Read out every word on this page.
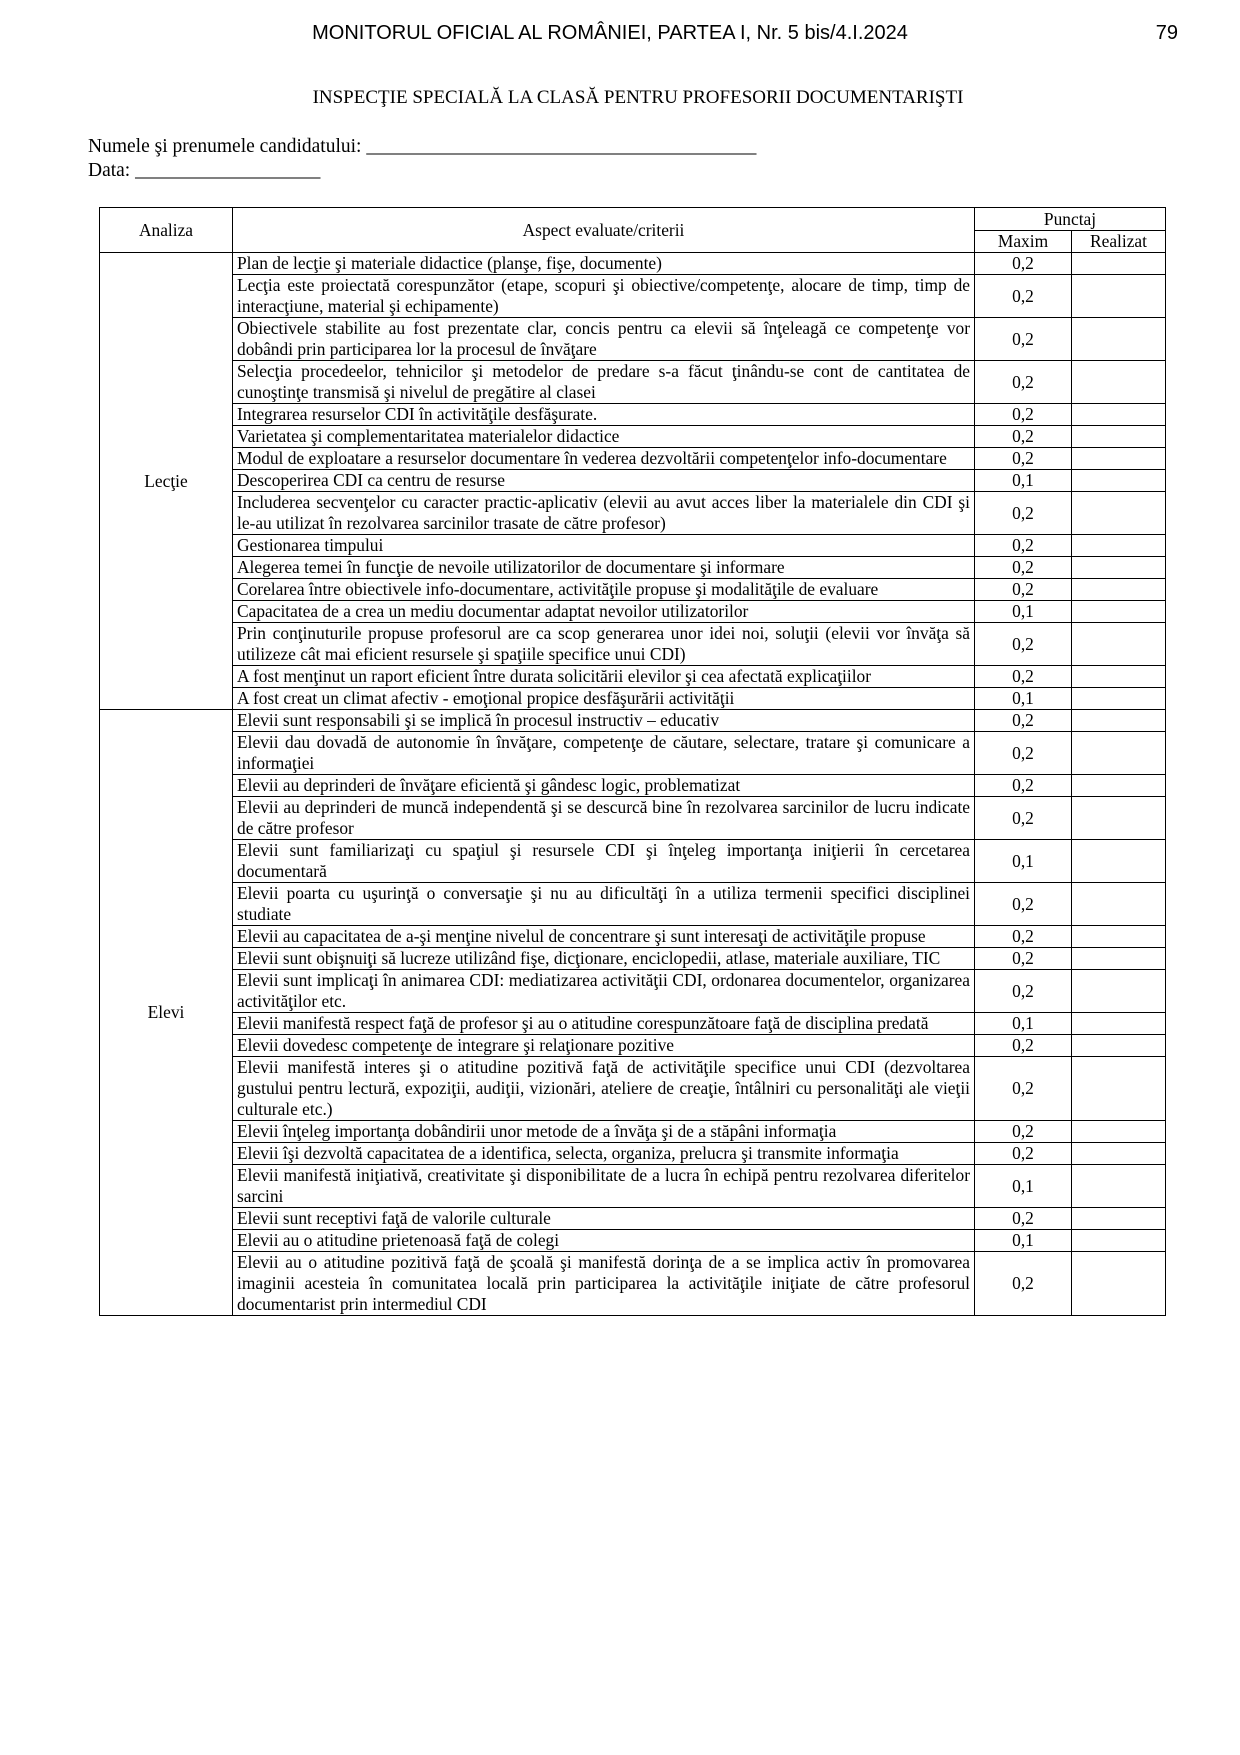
MONITORUL OFICIAL AL ROMÂNIEI, PARTEA I, Nr. 5 bis/4.I.2024	79
INSPECŢIE SPECIALĂ LA CLASĂ PENTRU PROFESORII DOCUMENTARIŞTI
Numele şi prenumele candidatului: ________________________________________
Data: ___________________
Analiza	Aspect evaluate/criterii	Punctaj	
		Maxim	Realizat
Lecţie	Plan de lecţie şi materiale didactice (planşe, fişe, documente)	0,2	
	Lecţia este proiectată corespunzător (etape, scopuri şi obiective/competenţe, alocare de timp, timp de interacţiune, material şi echipamente)	0,2	
	Obiectivele stabilite au fost prezentate clar, concis pentru ca elevii să înţeleagă ce competenţe vor dobândi prin participarea lor la procesul de învăţare	0,2	
	Selecţia procedeelor, tehnicilor şi metodelor de predare s-a făcut ţinându-se cont de cantitatea de cunoştinţe transmisă şi nivelul de pregătire al clasei	0,2	
	Integrarea resurselor CDI în activităţile desfăşurate.	0,2	
	Varietatea şi complementaritatea materialelor didactice	0,2	
	Modul de exploatare a resurselor documentare în vederea dezvoltării competenţelor info-documentare	0,2	
	Descoperirea CDI ca centru de resurse	0,1	
	Includerea secvenţelor cu caracter practic-aplicativ (elevii au avut acces liber la materialele din CDI şi le-au utilizat în rezolvarea sarcinilor trasate de către profesor)	0,2	
	Gestionarea timpului	0,2	
	Alegerea temei în funcţie de nevoile utilizatorilor de documentare şi informare	0,2	
	Corelarea între obiectivele info-documentare, activităţile propuse şi modalităţile de evaluare	0,2	
	Capacitatea de a crea un mediu documentar adaptat nevoilor utilizatorilor	0,1	
	Prin conţinuturile propuse profesorul are ca scop generarea unor idei noi, soluţii (elevii vor învăţa să utilizeze cât mai eficient resursele şi spaţiile specifice unui CDI)	0,2	
	A fost menţinut un raport eficient între durata solicitării elevilor şi cea afectată explicaţiilor	0,2	
	A fost creat un climat afectiv - emoţional propice desfăşurării activităţii	0,1	
Elevi	Elevii sunt responsabili şi se implică în procesul instructiv – educativ	0,2	
	Elevii dau dovadă de autonomie în învăţare, competenţe de căutare, selectare, tratare şi comunicare a informaţiei	0,2	
	Elevii au deprinderi de învăţare eficientă şi gândesc logic, problematizat	0,2	
	Elevii au deprinderi de muncă independentă şi se descurcă bine în rezolvarea sarcinilor de lucru indicate de către profesor	0,2	
	Elevii sunt familiarizaţi cu spaţiul şi resursele CDI şi înţeleg importanţa iniţierii în cercetarea documentară	0,1	
	Elevii poarta cu uşurinţă o conversaţie şi nu au dificultăţi în a utiliza termenii specifici disciplinei studiate	0,2	
	Elevii au capacitatea de a-şi menţine nivelul de concentrare şi sunt interesaţi de activităţile propuse	0,2	
	Elevii sunt obişnuiţi să lucreze utilizând fişe, dicţionare, enciclopedii, atlase, materiale auxiliare, TIC	0,2	
	Elevii sunt implicaţi în animarea CDI: mediatizarea activităţii CDI, ordonarea documentelor, organizarea activităţilor etc.	0,2	
	Elevii manifestă respect faţă de profesor şi au o atitudine corespunzătoare faţă de disciplina predată	0,1	
	Elevii dovedesc competenţe de integrare şi relaţionare pozitive	0,2	
	Elevii manifestă interes şi o atitudine pozitivă faţă de activităţile specifice unui CDI (dezvoltarea gustului pentru lectură, expoziţii, audiţii, vizionări, ateliere de creaţie, întâlniri cu personalităţi ale vieţii culturale etc.)	0,2	
	Elevii înţeleg importanţa dobândirii unor metode de a învăţa şi de a stăpâni informaţia	0,2	
	Elevii îşi dezvoltă capacitatea de a identifica, selecta, organiza, prelucra şi transmite informaţia	0,2	
	Elevii manifestă iniţiativă, creativitate şi disponibilitate de a lucra în echipă pentru rezolvarea diferitelor sarcini	0,1	
	Elevii sunt receptivi faţă de valorile culturale	0,2	
	Elevii au o atitudine prietenoasă faţă de colegi	0,1	
	Elevii au o atitudine pozitivă faţă de şcoală şi manifestă dorinţa de a se implica activ în promovarea imaginii acesteia în comunitatea locală prin participarea la activităţile iniţiate de către profesorul documentarist prin intermediul CDI	0,2	
